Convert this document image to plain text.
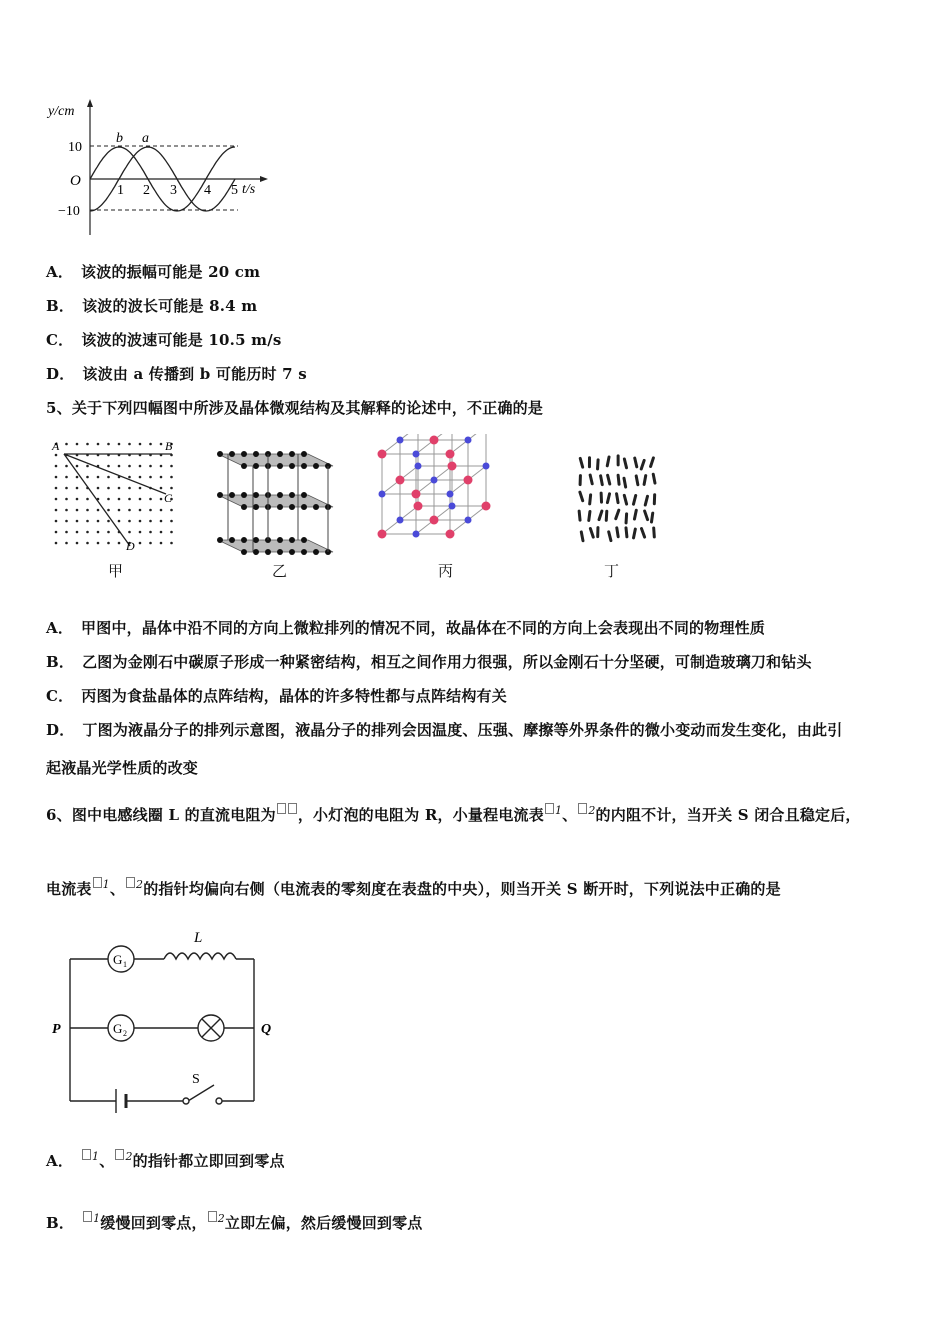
y/cm
t/s
O
10
−10
1 2 3 4 5
b a
A． 该波的振幅可能是 20 cm
B． 该波的波长可能是 8.4 m
C． 该波的波速可能是 10.5 m/s
D． 该波由 a 传播到 b 可能历时 7 s
5、关于下列四幅图中所涉及晶体微观结构及其解释的论述中，不正确的是
A	B
C
D
甲	乙	丙	丁
A． 甲图中，晶体中沿不同的方向上微粒排列的情况不同，故晶体在不同的方向上会表现出不同的物理性质
B． 乙图为金刚石中碳原子形成一种紧密结构，相互之间作用力很强，所以金刚石十分坚硬，可制造玻璃刀和钻头
C． 丙图为食盐晶体的点阵结构，晶体的许多特性都与点阵结构有关
D． 丁图为液晶分子的排列示意图，液晶分子的排列会因温度、压强、摩擦等外界条件的微小变动而发生变化，由此引
起液晶光学性质的改变
6、图中电感线圈 L 的直流电阻为 ，小灯泡的电阻为 R，小量程电流表 $^1$、 $^2$的内阻不计，当开关 S 闭合且稳定后，
电流表 $^1$、 $^2$的指针均偏向右侧（电流表的零刻度在表盘的中央），则当开关 S 断开时，下列说法中正确的是
G 1
G 2
L
P	Q
S
A． $^1$、 $^2$的指针都立即回到零点
B． $^1$缓慢回到零点， $^2$立即左偏，然后缓慢回到零点
